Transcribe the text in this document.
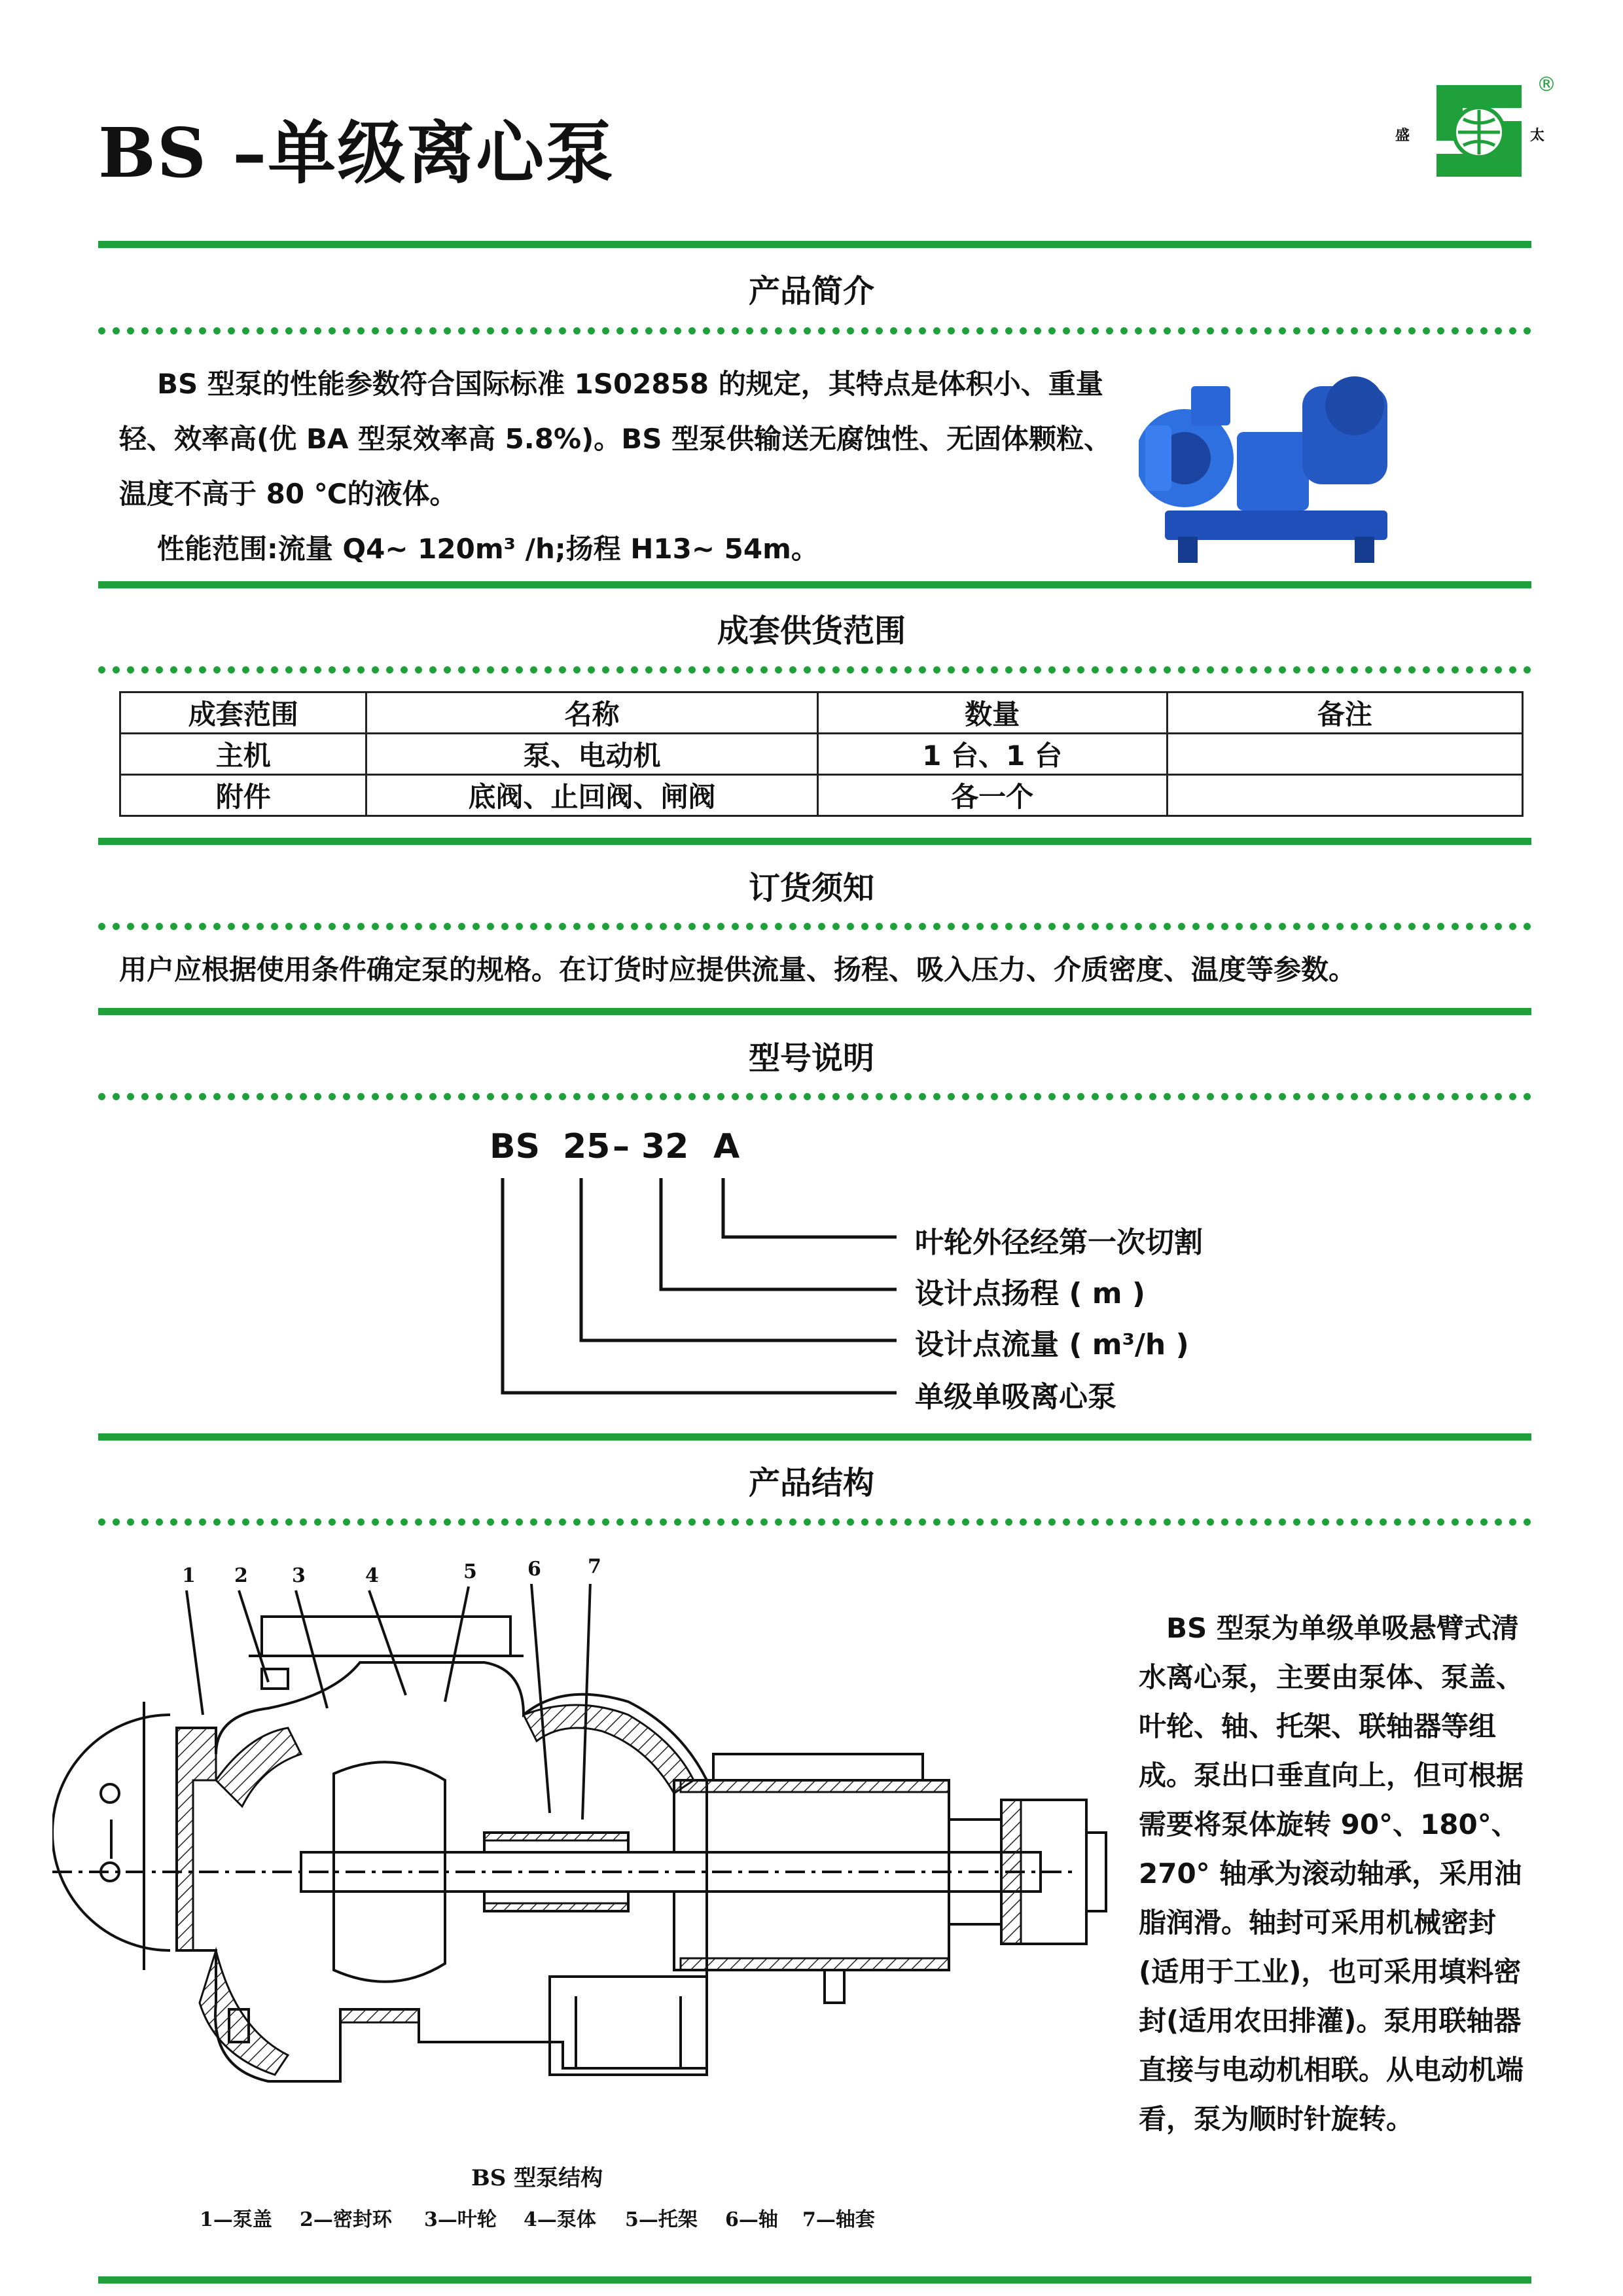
BS –单级离心泵	盛	太
®
产品简介
BS 型泵的性能参数符合国际标准 1S02858 的规定，其特点是体积小、重量
轻、效率高(优 BA 型泵效率高 5.8%)。BS 型泵供输送无腐蚀性、无固体颗粒、
温度不高于 80 ℃的液体。
性能范围:流量 Q4~ 120m³ /h;扬程 H13~ 54m。
成套供货范围
成套范围	名称	数量	备注
主机	泵、电动机	1 台、1 台	
附件	底阀、止回阀、闸阀	各一个	
订货须知
用户应根据使用条件确定泵的规格。在订货时应提供流量、扬程、吸入压力、介质密度、温度等参数。
型号说明
BS 25 – 32 A
叶轮外径经第一次切割
设计点扬程 ( m )
设计点流量 ( m³/h )
单级单吸离心泵
产品结构
1 2 3	4	5	6 7
BS 型泵结构
1—泵盖 2—密封环 3—叶轮 4—泵体 5—托架 6—轴 7—轴套
BS 型泵为单级单吸悬臂式清水离心泵，主要由泵体、泵盖、叶轮、轴、托架、联轴器等组成。泵出口垂直向上，但可根据需要将泵体旋转 90°、180°、270° 轴承为滚动轴承，采用油脂润滑。轴封可采用机械密封(适用于工业)，也可采用填料密封(适用农田排灌)。泵用联轴器直接与电动机相联。从电动机端看，泵为顺时针旋转。
